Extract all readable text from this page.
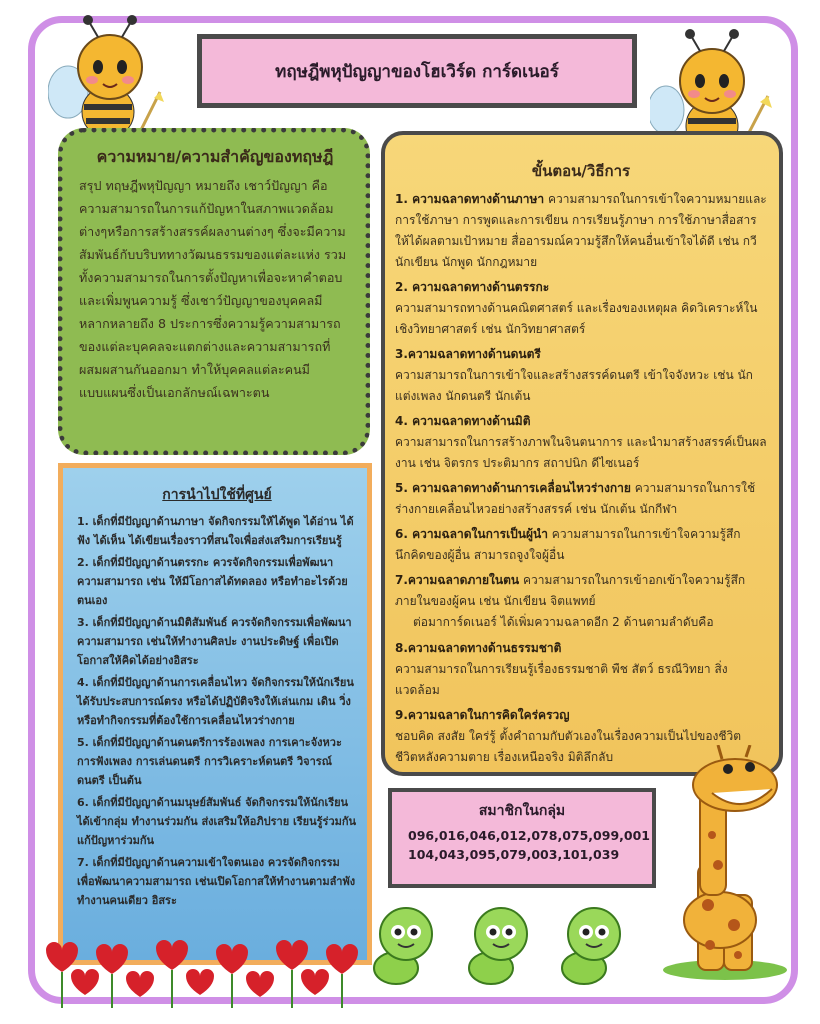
ทฤษฎีพหุปัญญาของโฮเวิร์ด การ์ดเนอร์
ความหมาย/ความสำคัญของทฤษฎี

สรุป ทฤษฎีพหุปัญญา หมายถึง เชาว์ปัญญา คือความสามารถในการแก้ปัญหาในสภาพแวดล้อมต่างๆหรือการสร้างสรรค์ผลงานต่างๆ ซึ่งจะมีความสัมพันธ์กับบริบททางวัฒนธรรมของแต่ละแห่ง รวมทั้งความสามารถในการตั้งปัญหาเพื่อจะหาคำตอบและเพิ่มพูนความรู้ ซึ่งเชาว์ปัญญาของบุคคลมีหลากหลายถึง 8 ประการซึ่งความรู้ความสามารถของแต่ละบุคคลจะแตกต่างและความสามารถที่ผสมผสานกันออกมา ทำให้บุคคลแต่ละคนมีแบบแผนซึ่งเป็นเอกลักษณ์เฉพาะตน

การนำไปใช้ที่ศูนย์
1. เด็กที่มีปัญญาด้านภาษา จัดกิจกรรมให้ได้พูด ได้อ่าน ได้ฟัง ได้เห็น ได้เขียนเรื่องราวที่สนใจเพื่อส่งเสริมการเรียนรู้
2. เด็กที่มีปัญญาด้านตรรกะ ควรจัดกิจกรรมเพื่อพัฒนาความสามารถ เช่น ให้มีโอกาสได้ทดลอง หรือทำอะไรด้วยตนเอง
3. เด็กที่มีปัญญาด้านมิติสัมพันธ์ ควรจัดกิจกรรมเพื่อพัฒนาความสามารถ เช่นให้ทำงานศิลปะ งานประดิษฐ์ เพื่อเปิดโอกาสให้คิดได้อย่างอิสระ
4. เด็กที่มีปัญญาด้านการเคลื่อนไหว จัดกิจกรรมให้นักเรียนได้รับประสบการณ์ตรง หรือได้ปฏิบัติจริงให้เล่นเกม เดิน วิ่ง หรือทำกิจกรรมที่ต้องใช้การเคลื่อนไหวร่างกาย
5. เด็กที่มีปัญญาด้านดนตรีการร้องเพลง การเคาะจังหวะ การฟังเพลง การเล่นดนตรี การวิเคราะห์ดนตรี วิจารณ์ดนตรี เป็นต้น
6. เด็กที่มีปัญญาด้านมนุษย์สัมพันธ์ จัดกิจกรรมให้นักเรียนได้เข้ากลุ่ม ทำงานร่วมกัน ส่งเสริมให้อภิปราย เรียนรู้ร่วมกัน แก้ปัญหาร่วมกัน
7. เด็กที่มีปัญญาด้านความเข้าใจตนเอง ควรจัดกิจกรรมเพื่อพัฒนาความสามารถ เช่นเปิดโอกาสให้ทำงานตามลำพัง ทำงานคนเดียว อิสระ
ขั้นตอน/วิธีการ

1. ความฉลาดทางด้านภาษา ความสามารถในการเข้าใจความหมายและการใช้ภาษา การพูดและการเขียน การเรียนรู้ภาษา การใช้ภาษาสื่อสารให้ได้ผลตามเป้าหมาย สื่ออารมณ์ความรู้สึกให้คนอื่นเข้าใจได้ดี เช่น กวี นักเขียน นักพูด นักกฎหมาย

2. ความฉลาดทางด้านตรรกะ
ความสามารถทางด้านคณิตศาสตร์ และเรื่องของเหตุผล คิดวิเคราะห์ในเชิงวิทยาศาสตร์ เช่น นักวิทยาศาสตร์

3.ความฉลาดทางด้านดนตรี
ความสามารถในการเข้าใจและสร้างสรรค์ดนตรี เข้าใจจังหวะ เช่น นักแต่งเพลง นักดนตรี นักเต้น

4. ความฉลาดทางด้านมิติ
ความสามารถในการสร้างภาพในจินตนาการ และนำมาสร้างสรรค์เป็นผลงาน เช่น จิตรกร ประติมากร สถาปนิก ดีไซเนอร์

5. ความฉลาดทางด้านการเคลื่อนไหวร่างกาย ความสามารถในการใช้ร่างกายเคลื่อนไหวอย่างสร้างสรรค์ เช่น นักเต้น นักกีฬา

6. ความฉลาดในการเป็นผู้นำ ความสามารถในการเข้าใจความรู้สึกนึกคิดของผู้อื่น สามารถจูงใจผู้อื่น

7.ความฉลาดภายในตน ความสามารถในการเข้าอกเข้าใจความรู้สึกภายในของผู้คน เช่น นักเขียน จิตแพทย์

ต่อมาการ์ดเนอร์ ได้เพิ่มความฉลาดอีก 2 ด้านตามลำดับคือ

8.ความฉลาดทางด้านธรรมชาติ
ความสามารถในการเรียนรู้เรื่องธรรมชาติ พืช สัตว์ ธรณีวิทยา สิ่งแวดล้อม

9.ความฉลาดในการคิดใคร่ครวญ
ชอบคิด สงสัย ใคร่รู้ ตั้งคำถามกับตัวเองในเรื่องความเป็นไปของชีวิต ชีวิตหลังความตาย เรื่องเหนือจริง มิติลึกลับ

สมาชิกในกลุ่ม
096,016,046,012,078,075,099,001
104,043,095,079,003,101,039
